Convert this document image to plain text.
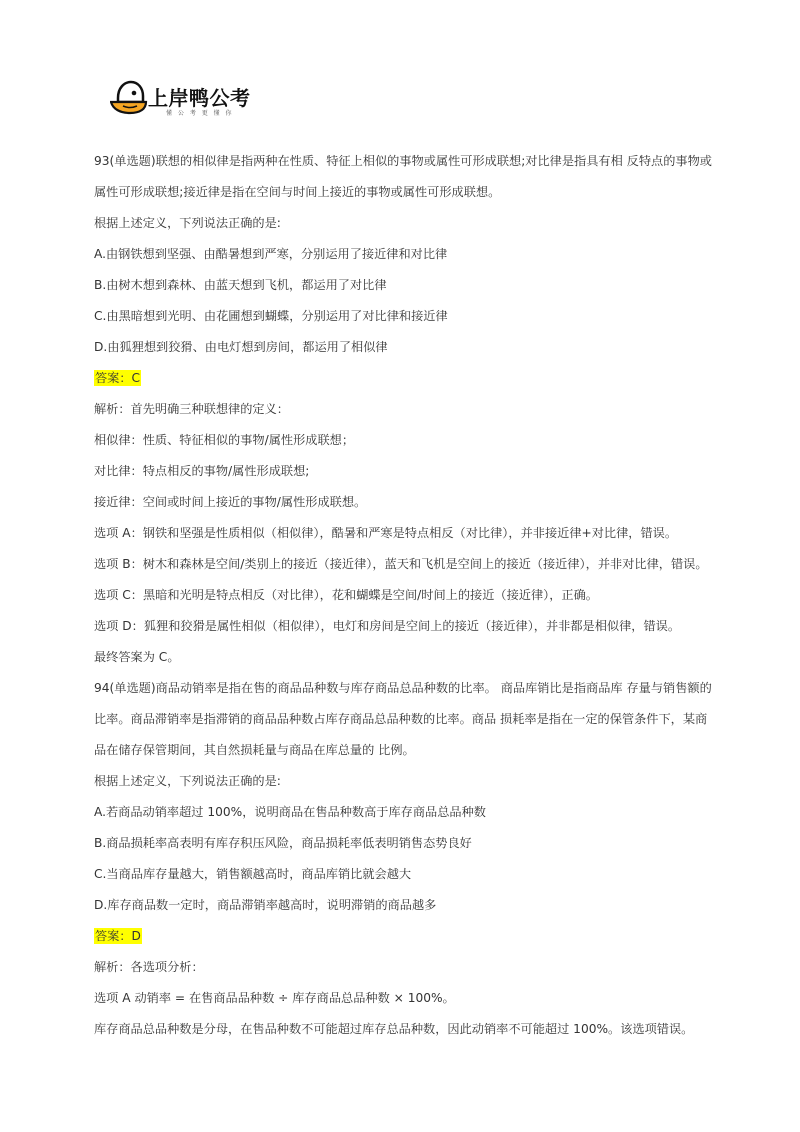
上岸鸭公考
懂 公 考 更 懂 你

93(单选题)联想的相似律是指两种在性质、特征上相似的事物或属性可形成联想;对比律是指具有相 反特点的事物或

属性可形成联想;接近律是指在空间与时间上接近的事物或属性可形成联想。

根据上述定义，下列说法正确的是:

A.由钢铁想到坚强、由酷暑想到严寒，分别运用了接近律和对比律

B.由树木想到森林、由蓝天想到飞机，都运用了对比律

C.由黑暗想到光明、由花圃想到蝴蝶，分别运用了对比律和接近律

D.由狐狸想到狡猾、由电灯想到房间，都运用了相似律

答案：C

解析：首先明确三种联想律的定义：

相似律：性质、特征相似的事物/属性形成联想；

对比律：特点相反的事物/属性形成联想;

接近律：空间或时间上接近的事物/属性形成联想。

选项 A：钢铁和坚强是性质相似（相似律），酷暑和严寒是特点相反（对比律），并非接近律+对比律，错误。

选项 B：树木和森林是空间/类别上的接近（接近律），蓝天和飞机是空间上的接近（接近律），并非对比律，错误。

选项 C：黑暗和光明是特点相反（对比律），花和蝴蝶是空间/时间上的接近（接近律），正确。

选项 D：狐狸和狡猾是属性相似（相似律），电灯和房间是空间上的接近（接近律），并非都是相似律，错误。

最终答案为 C。

94(单选题)商品动销率是指在售的商品品种数与库存商品总品种数的比率。 商品库销比是指商品库 存量与销售额的

比率。商品滞销率是指滞销的商品品种数占库存商品总品种数的比率。商品 损耗率是指在一定的保管条件下，某商

品在储存保管期间，其自然损耗量与商品在库总量的 比例。

根据上述定义，下列说法正确的是:

A.若商品动销率超过 100%，说明商品在售品种数高于库存商品总品种数

B.商品损耗率高表明有库存积压风险，商品损耗率低表明销售态势良好

C.当商品库存量越大，销售额越高时，商品库销比就会越大

D.库存商品数一定时，商品滞销率越高时，说明滞销的商品越多

答案：D

解析：各选项分析：

选项 A 动销率 = 在售商品品种数 ÷ 库存商品总品种数 × 100%。

库存商品总品种数是分母，在售品种数不可能超过库存总品种数，因此动销率不可能超过 100%。该选项错误。
